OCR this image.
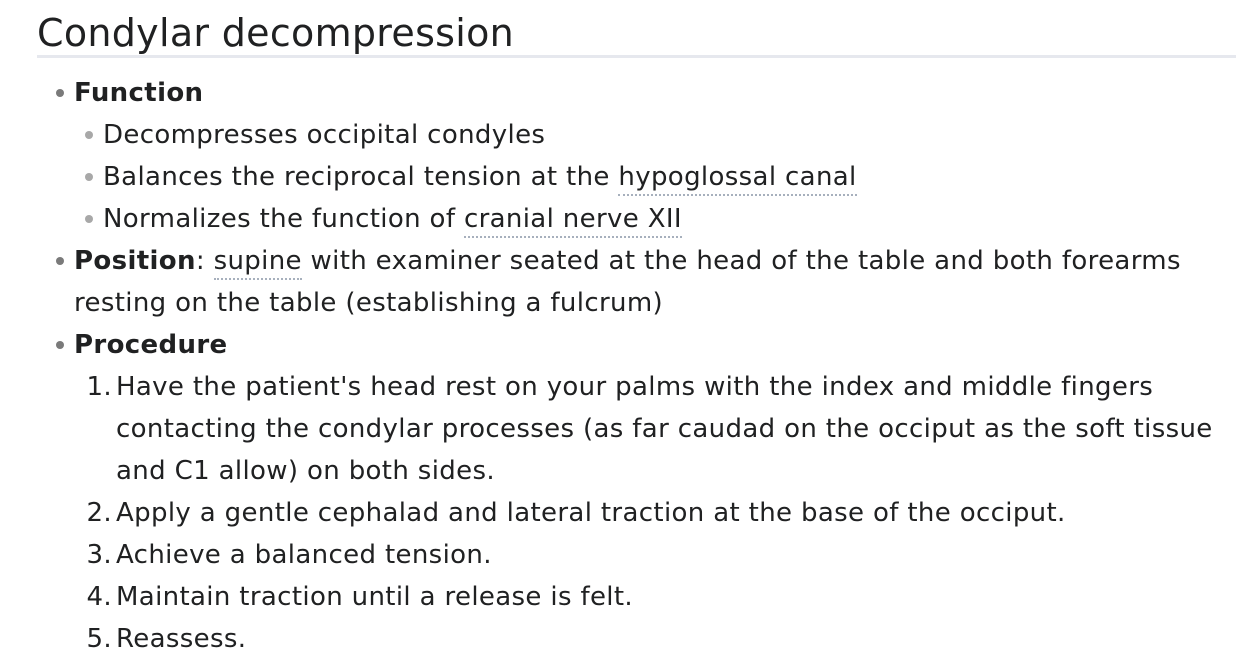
Condylar decompression
Function
Decompresses occipital condyles
Balances the reciprocal tension at the hypoglossal canal
Normalizes the function of cranial nerve XII
Position: supine with examiner seated at the head of the table and both forearms resting on the table (establishing a fulcrum)
Procedure
1. Have the patient's head rest on your palms with the index and middle fingers contacting the condylar processes (as far caudad on the occiput as the soft tissue and C1 allow) on both sides.
2. Apply a gentle cephalad and lateral traction at the base of the occiput.
3. Achieve a balanced tension.
4. Maintain traction until a release is felt.
5. Reassess.
